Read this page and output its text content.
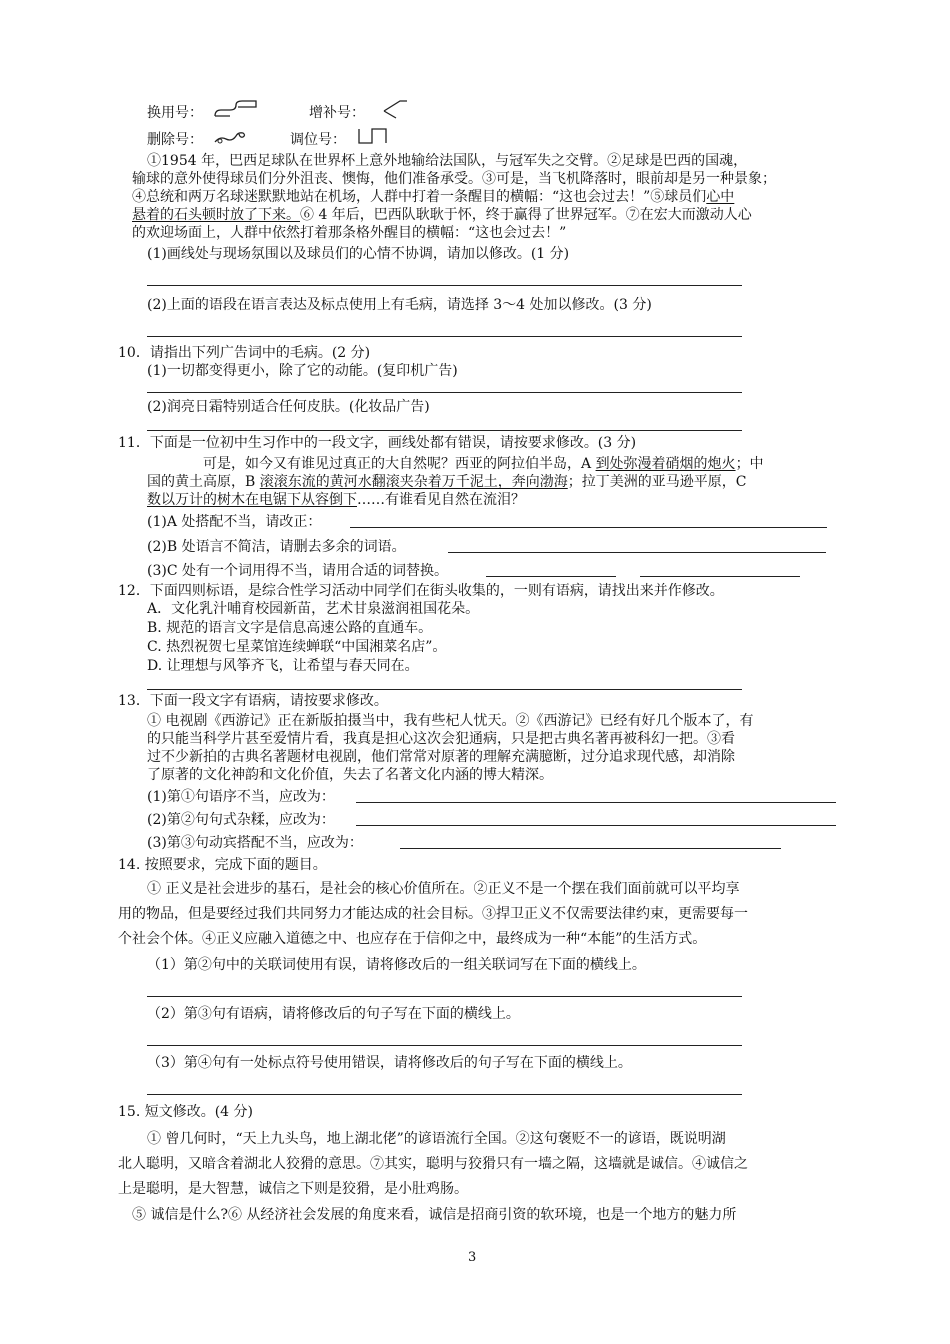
换用号：	增补号：
删除号：	调位号：
①1954 年，巴西足球队在世界杯上意外地输给法国队，与冠军失之交臂。②足球是巴西的国魂，
输球的意外使得球员们分外沮丧、懊悔，他们准备承受。③可是，当飞机降落时，眼前却是另一种景象；
④总统和两万名球迷默默地站在机场，人群中打着一条醒目的横幅：“这也会过去！”⑤球员们心中
悬着的石头顿时放了下来。⑥ 4 年后，巴西队耿耿于怀，终于赢得了世界冠军。⑦在宏大而激动人心
的欢迎场面上，人群中依然打着那条格外醒目的横幅：“这也会过去！”
(1)画线处与现场氛围以及球员们的心情不协调，请加以修改。(1 分)
(2)上面的语段在语言表达及标点使用上有毛病，请选择 3～4 处加以修改。(3 分)
10．请指出下列广告词中的毛病。(2 分)
(1)一切都变得更小，除了它的动能。(复印机广告)
(2)润亮日霜特别适合任何皮肤。(化妆品广告)
11．下面是一位初中生习作中的一段文字，画线处都有错误，请按要求修改。(3 分)
可是，如今又有谁见过真正的大自然呢？西亚的阿拉伯半岛，A 到处弥漫着硝烟的炮火；中
国的黄土高原，B 滚滚东流的黄河水翻滚夹杂着万千泥土，奔向渤海；拉丁美洲的亚马逊平原，C
数以万计的树木在电锯下从容倒下……有谁看见自然在流泪？
(1)A 处搭配不当，请改正：
(2)B 处语言不简洁，请删去多余的词语。
(3)C 处有一个词用得不当，请用合适的词替换。
12．下面四则标语，是综合性学习活动中同学们在街头收集的，一则有语病，请找出来并作修改。
A．文化乳汁哺育校园新苗，艺术甘泉滋润祖国花朵。
B. 规范的语言文字是信息高速公路的直通车。
C. 热烈祝贺七星菜馆连续蝉联“中国湘菜名店”。
D. 让理想与风筝齐飞，让希望与春天同在。
13．下面一段文字有语病，请按要求修改。
① 电视剧《西游记》正在新版拍摄当中，我有些杞人忧天。②《西游记》已经有好几个版本了，有
的只能当科学片甚至爱情片看，我真是担心这次会犯通病，只是把古典名著再被科幻一把。③看
过不少新拍的古典名著题材电视剧，他们常常对原著的理解充满臆断，过分追求现代感，却消除
了原著的文化神韵和文化价值，失去了名著文化内涵的博大精深。
(1)第①句语序不当，应改为：
(2)第②句句式杂糅，应改为：
(3)第③句动宾搭配不当，应改为：
14. 按照要求，完成下面的题目。
① 正义是社会进步的基石，是社会的核心价值所在。②正义不是一个摆在我们面前就可以平均享
用的物品，但是要经过我们共同努力才能达成的社会目标。③捍卫正义不仅需要法律约束，更需要每一
个社会个体。④正义应融入道德之中、也应存在于信仰之中，最终成为一种“本能”的生活方式。
（1）第②句中的关联词使用有误，请将修改后的一组关联词写在下面的横线上。
（2）第③句有语病，请将修改后的句子写在下面的横线上。
（3）第④句有一处标点符号使用错误，请将修改后的句子写在下面的横线上。
15. 短文修改。(4 分)
① 曾几何时，“天上九头鸟，地上湖北佬”的谚语流行全国。②这句褒贬不一的谚语，既说明湖
北人聪明，又暗含着湖北人狡猾的意思。⑦其实，聪明与狡猾只有一墙之隔，这墙就是诚信。④诚信之
上是聪明，是大智慧，诚信之下则是狡猾，是小肚鸡肠。
⑤ 诚信是什么?⑥ 从经济社会发展的角度来看，诚信是招商引资的软环境，也是一个地方的魅力所
3
